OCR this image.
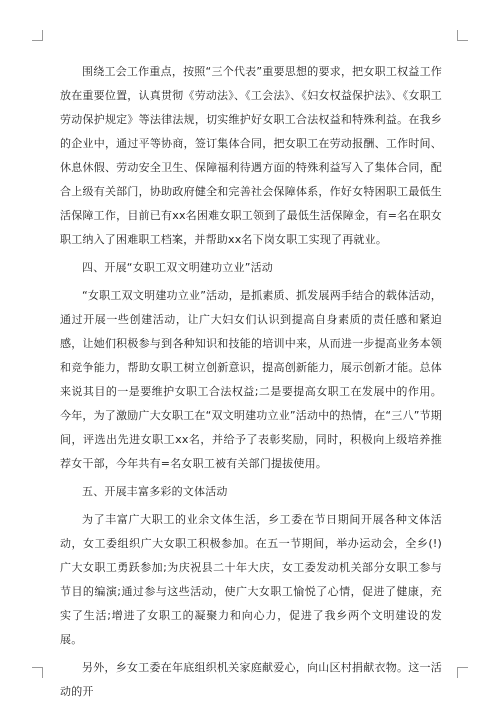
围绕工会工作重点，按照“三个代表”重要思想的要求，把女职工权益工作放在重要位置，认真贯彻《劳动法》、《工会法》、《妇女权益保护法》、《女职工劳动保护规定》等法律法规，切实维护好女职工合法权益和特殊利益。在我乡的企业中，通过平等协商，签订集体合同，把女职工在劳动报酬、工作时间、休息休假、劳动安全卫生、保障福利待遇方面的特殊利益写入了集体合同，配合上级有关部门，协助政府健全和完善社会保障体系，作好女特困职工最低生活保障工作，目前已有xx名困难女职工领到了最低生活保障金，有=名在职女职工纳入了困难职工档案，并帮助xx名下岗女职工实现了再就业。

四、开展“女职工双文明建功立业”活动

“女职工双文明建功立业”活动，是抓素质、抓发展两手结合的载体活动，通过开展一些创建活动，让广大妇女们认识到提高自身素质的责任感和紧迫感，让她们积极参与到各种知识和技能的培训中来，从而进一步提高业务本领和竞争能力，帮助女职工树立创新意识，提高创新能力，展示创新才能。总体来说其目的一是要维护女职工合法权益;二是要提高女职工在发展中的作用。今年，为了激励广大女职工在“双文明建功立业”活动中的热情，在“三八”节期间，评选出先进女职工xx名，并给予了表彰奖励，同时，积极向上级培养推荐女干部，今年共有=名女职工被有关部门提拔使用。

五、开展丰富多彩的文体活动

为了丰富广大职工的业余文体生活，乡工委在节日期间开展各种文体活动，女工委组织广大女职工积极参加。在五一节期间，举办运动会，全乡(!)广大女职工勇跃参加;为庆祝县二十年大庆，女工委发动机关部分女职工参与节目的编演;通过参与这些活动，使广大女职工愉悦了心情，促进了健康，充实了生活;增进了女职工的凝聚力和向心力，促进了我乡两个文明建设的发展。

另外，乡女工委在年底组织机关家庭献爱心，向山区村捐献衣物。这一活动的开
